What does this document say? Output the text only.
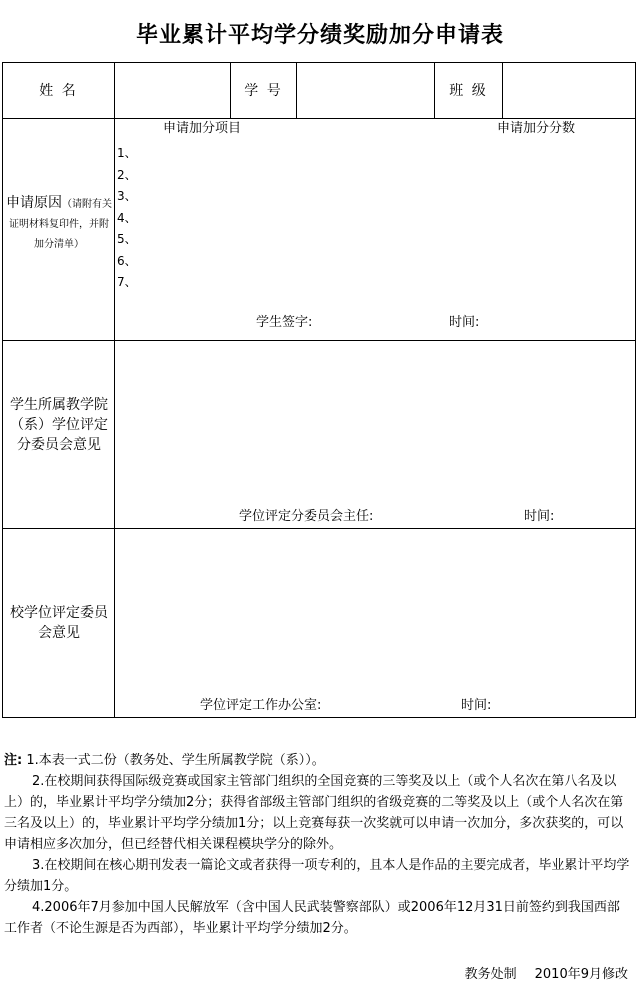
毕业累计平均学分绩奖励加分申请表
姓 名	学 号	班 级
申请原因（请附有关证明材料复印件，并附加分清单）
申请加分项目	申请加分分数
1、
2、
3、
4、
5、
6、
7、
学生签字:	时间:
学生所属教学院（系）学位评定分委员会意见
学位评定分委员会主任:	时间:
校学位评定委员会意见
学位评定工作办公室:	时间:

注: 1.本表一式二份（教务处、学生所属教学院（系））。

2.在校期间获得国际级竞赛或国家主管部门组织的全国竞赛的三等奖及以上（或个人名次在第八名及以上）的，毕业累计平均学分绩加2分；获得省部级主管部门组织的省级竞赛的二等奖及以上（或个人名次在第三名及以上）的，毕业累计平均学分绩加1分；以上竞赛每获一次奖就可以申请一次加分，多次获奖的，可以申请相应多次加分，但已经替代相关课程模块学分的除外。

3.在校期间在核心期刊发表一篇论文或者获得一项专利的，且本人是作品的主要完成者，毕业累计平均学分绩加1分。

4.2006年7月参加中国人民解放军（含中国人民武装警察部队）或2006年12月31日前签约到我国西部工作者（不论生源是否为西部），毕业累计平均学分绩加2分。

教务处制 2010年9月修改
